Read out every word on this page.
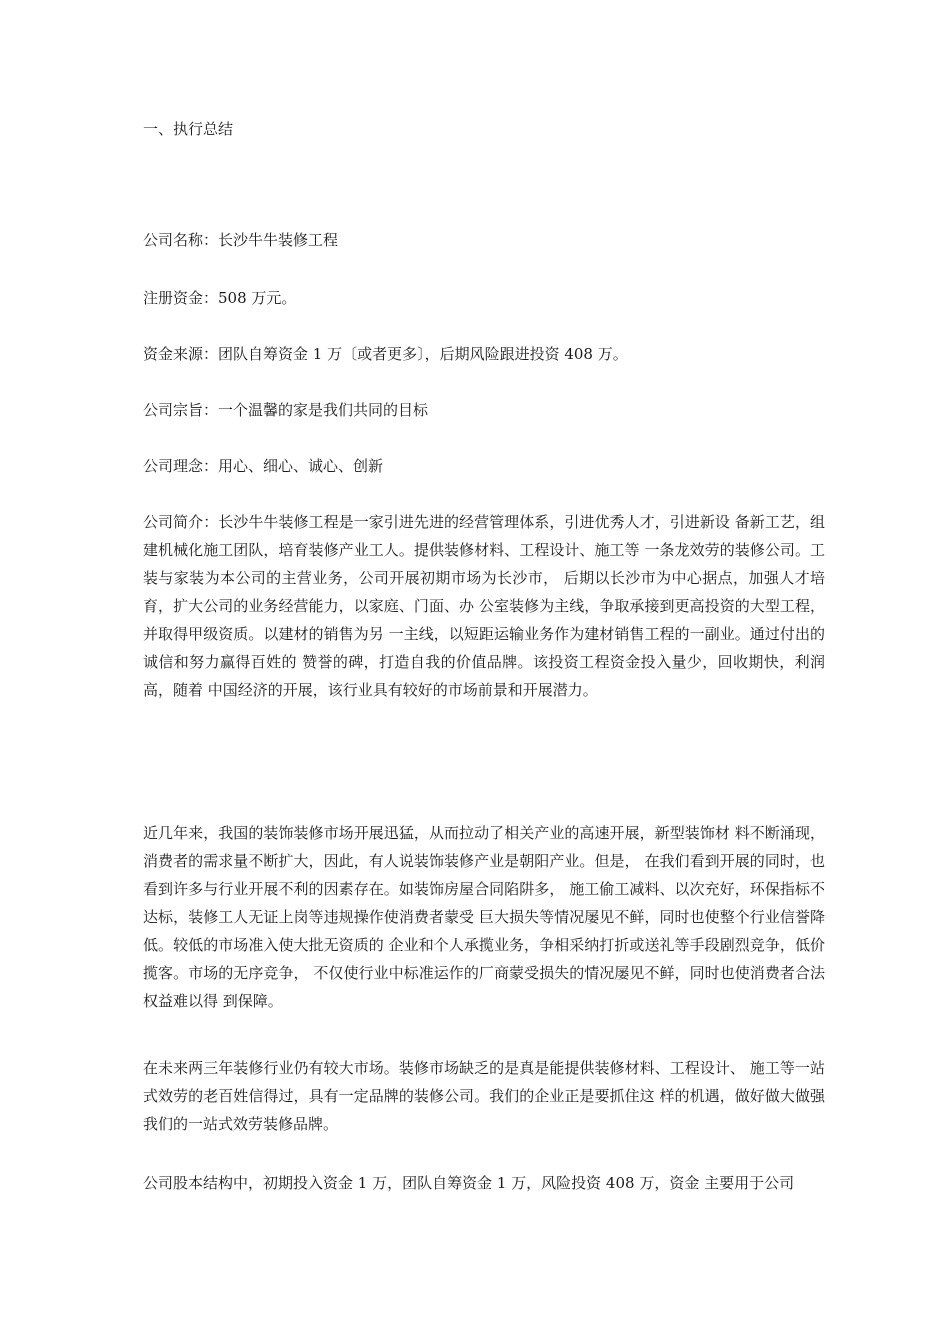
一、执行总结

公司名称：长沙牛牛装修工程

注册资金：508 万元。

资金来源：团队自筹资金 1 万〔或者更多〕，后期风险跟进投资 408 万。

公司宗旨：一个温馨的家是我们共同的目标

公司理念：用心、细心、诚心、创新

公司简介：长沙牛牛装修工程是一家引进先进的经营管理体系，引进优秀人才，引进新设 备新工艺，组建机械化施工团队，培育装修产业工人。提供装修材料、工程设计、施工等 一条龙效劳的装修公司。工装与家装为本公司的主营业务，公司开展初期市场为长沙市， 后期以长沙市为中心据点，加强人才培育，扩大公司的业务经营能力，以家庭、门面、办 公室装修为主线，争取承接到更高投资的大型工程，并取得甲级资质。以建材的销售为另 一主线，以短距运输业务作为建材销售工程的一副业。通过付出的诚信和努力赢得百姓的 赞誉的碑，打造自我的价值品牌。该投资工程资金投入量少，回收期快，利润高，随着 中国经济的开展，该行业具有较好的市场前景和开展潜力。

近几年来，我国的装饰装修市场开展迅猛，从而拉动了相关产业的高速开展，新型装饰材 料不断涌现，消费者的需求量不断扩大，因此，有人说装饰装修产业是朝阳产业。但是， 在我们看到开展的同时，也看到许多与行业开展不利的因素存在。如装饰房屋合同陷阱多， 施工偷工减料、以次充好，环保指标不达标，装修工人无证上岗等违规操作使消费者蒙受 巨大损失等情况屡见不鲜，同时也使整个行业信誉降低。较低的市场准入使大批无资质的 企业和个人承揽业务，争相采纳打折或送礼等手段剧烈竞争，低价揽客。市场的无序竞争， 不仅使行业中标准运作的厂商蒙受损失的情况屡见不鲜，同时也使消费者合法权益难以得 到保障。

在未来两三年装修行业仍有较大市场。装修市场缺乏的是真是能提供装修材料、工程设计、 施工等一站式效劳的老百姓信得过，具有一定品牌的装修公司。我们的企业正是要抓住这 样的机遇，做好做大做强我们的一站式效劳装修品牌。

公司股本结构中，初期投入资金 1 万，团队自筹资金 1 万，风险投资 408 万，资金 主要用于公司
